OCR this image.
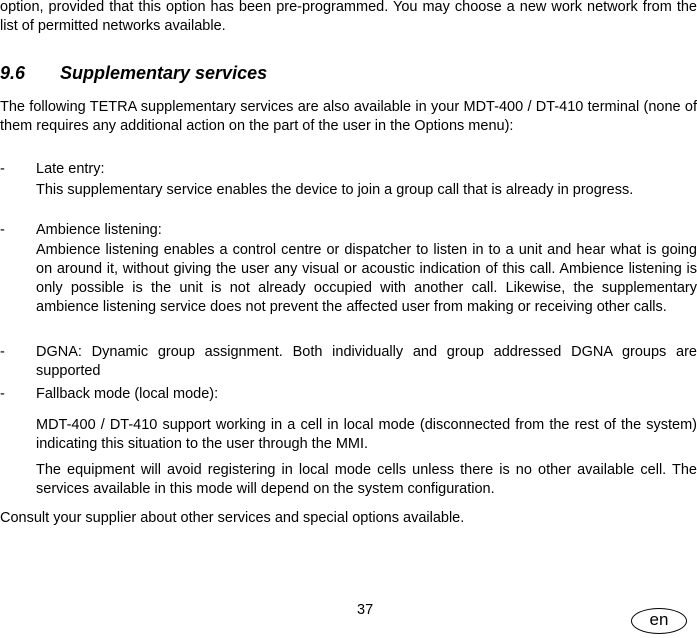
option, provided that this option has been pre-programmed. You may choose a new work network from the list of permitted networks available.

9.6 Supplementary services

The following TETRA supplementary services are also available in your MDT-400 / DT-410 terminal (none of them requires any additional action on the part of the user in the Options menu):

- Late entry:
This supplementary service enables the device to join a group call that is already in progress.
- Ambience listening:
Ambience listening enables a control centre or dispatcher to listen in to a unit and hear what is going on around it, without giving the user any visual or acoustic indication of this call. Ambience listening is only possible is the unit is not already occupied with another call. Likewise, the supplementary ambience listening service does not prevent the affected user from making or receiving other calls.
- DGNA: Dynamic group assignment. Both individually and group addressed DGNA groups are supported
- Fallback mode (local mode):
MDT-400 / DT-410 support working in a cell in local mode (disconnected from the rest of the system) indicating this situation to the user through the MMI.
The equipment will avoid registering in local mode cells unless there is no other available cell. The services available in this mode will depend on the system configuration.

Consult your supplier about other services and special options available.

37	en
